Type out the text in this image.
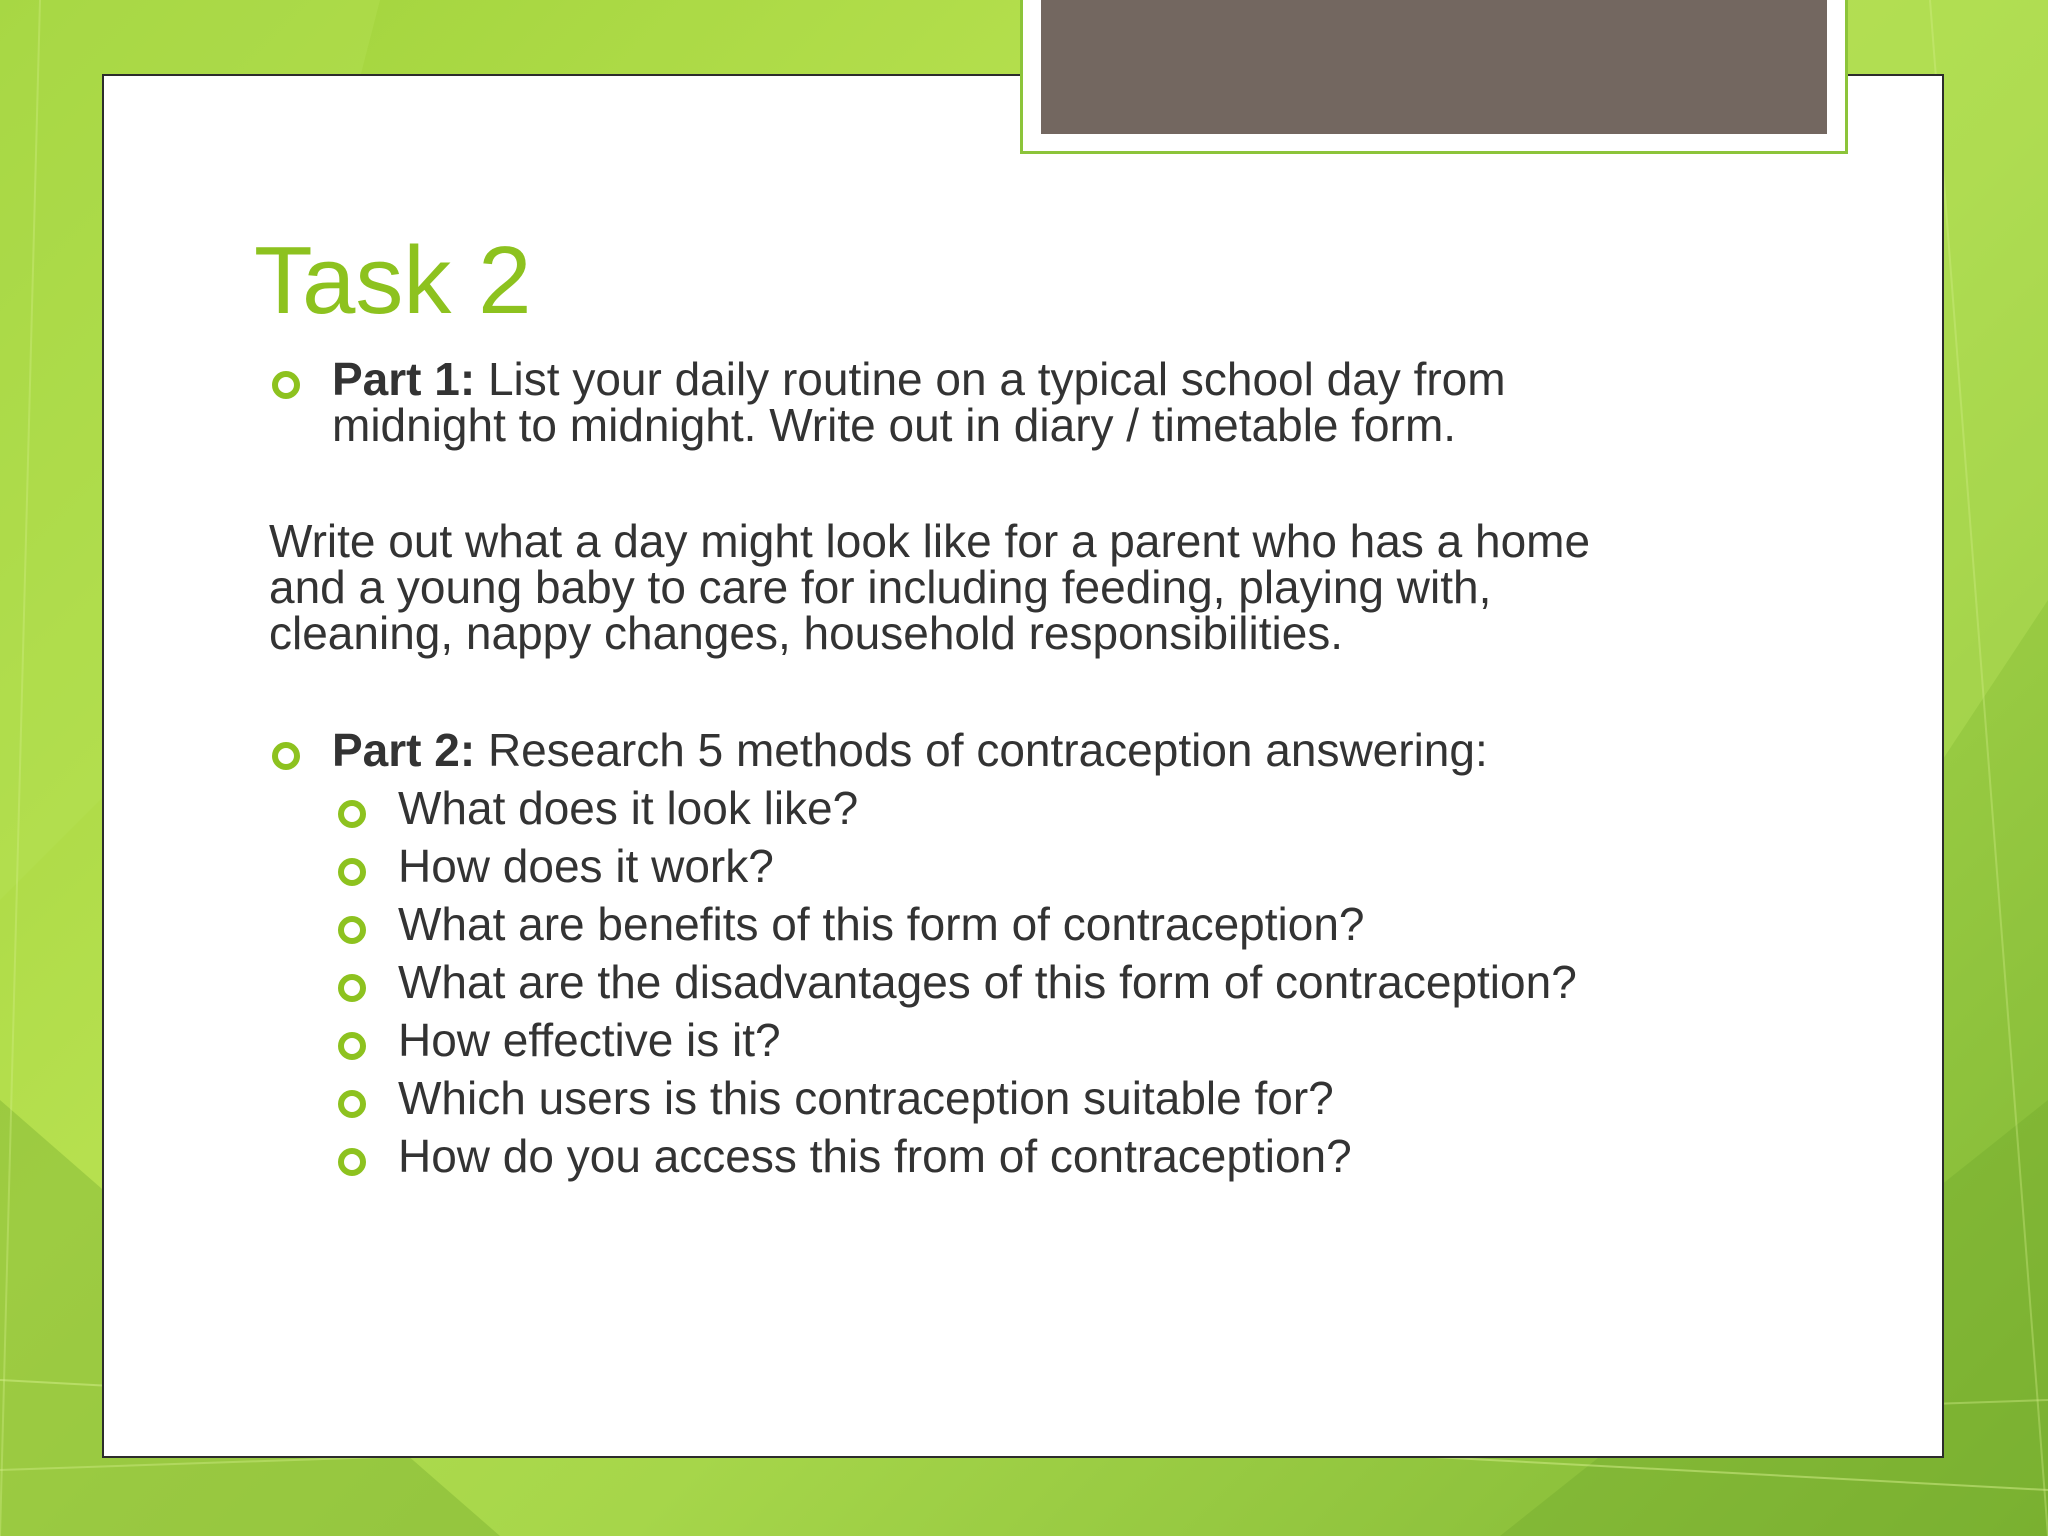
Task 2

Part 1: List your daily routine on a typical school day from

midnight to midnight. Write out in diary / timetable form.

Write out what a day might look like for a parent who has a home

and a young baby to care for including feeding, playing with,

cleaning, nappy changes, household responsibilities.

Part 2: Research 5 methods of contraception answering:

What does it look like?

How does it work?

What are benefits of this form of contraception?

What are the disadvantages of this form of contraception?

How effective is it?

Which users is this contraception suitable for?

How do you access this from of contraception?
